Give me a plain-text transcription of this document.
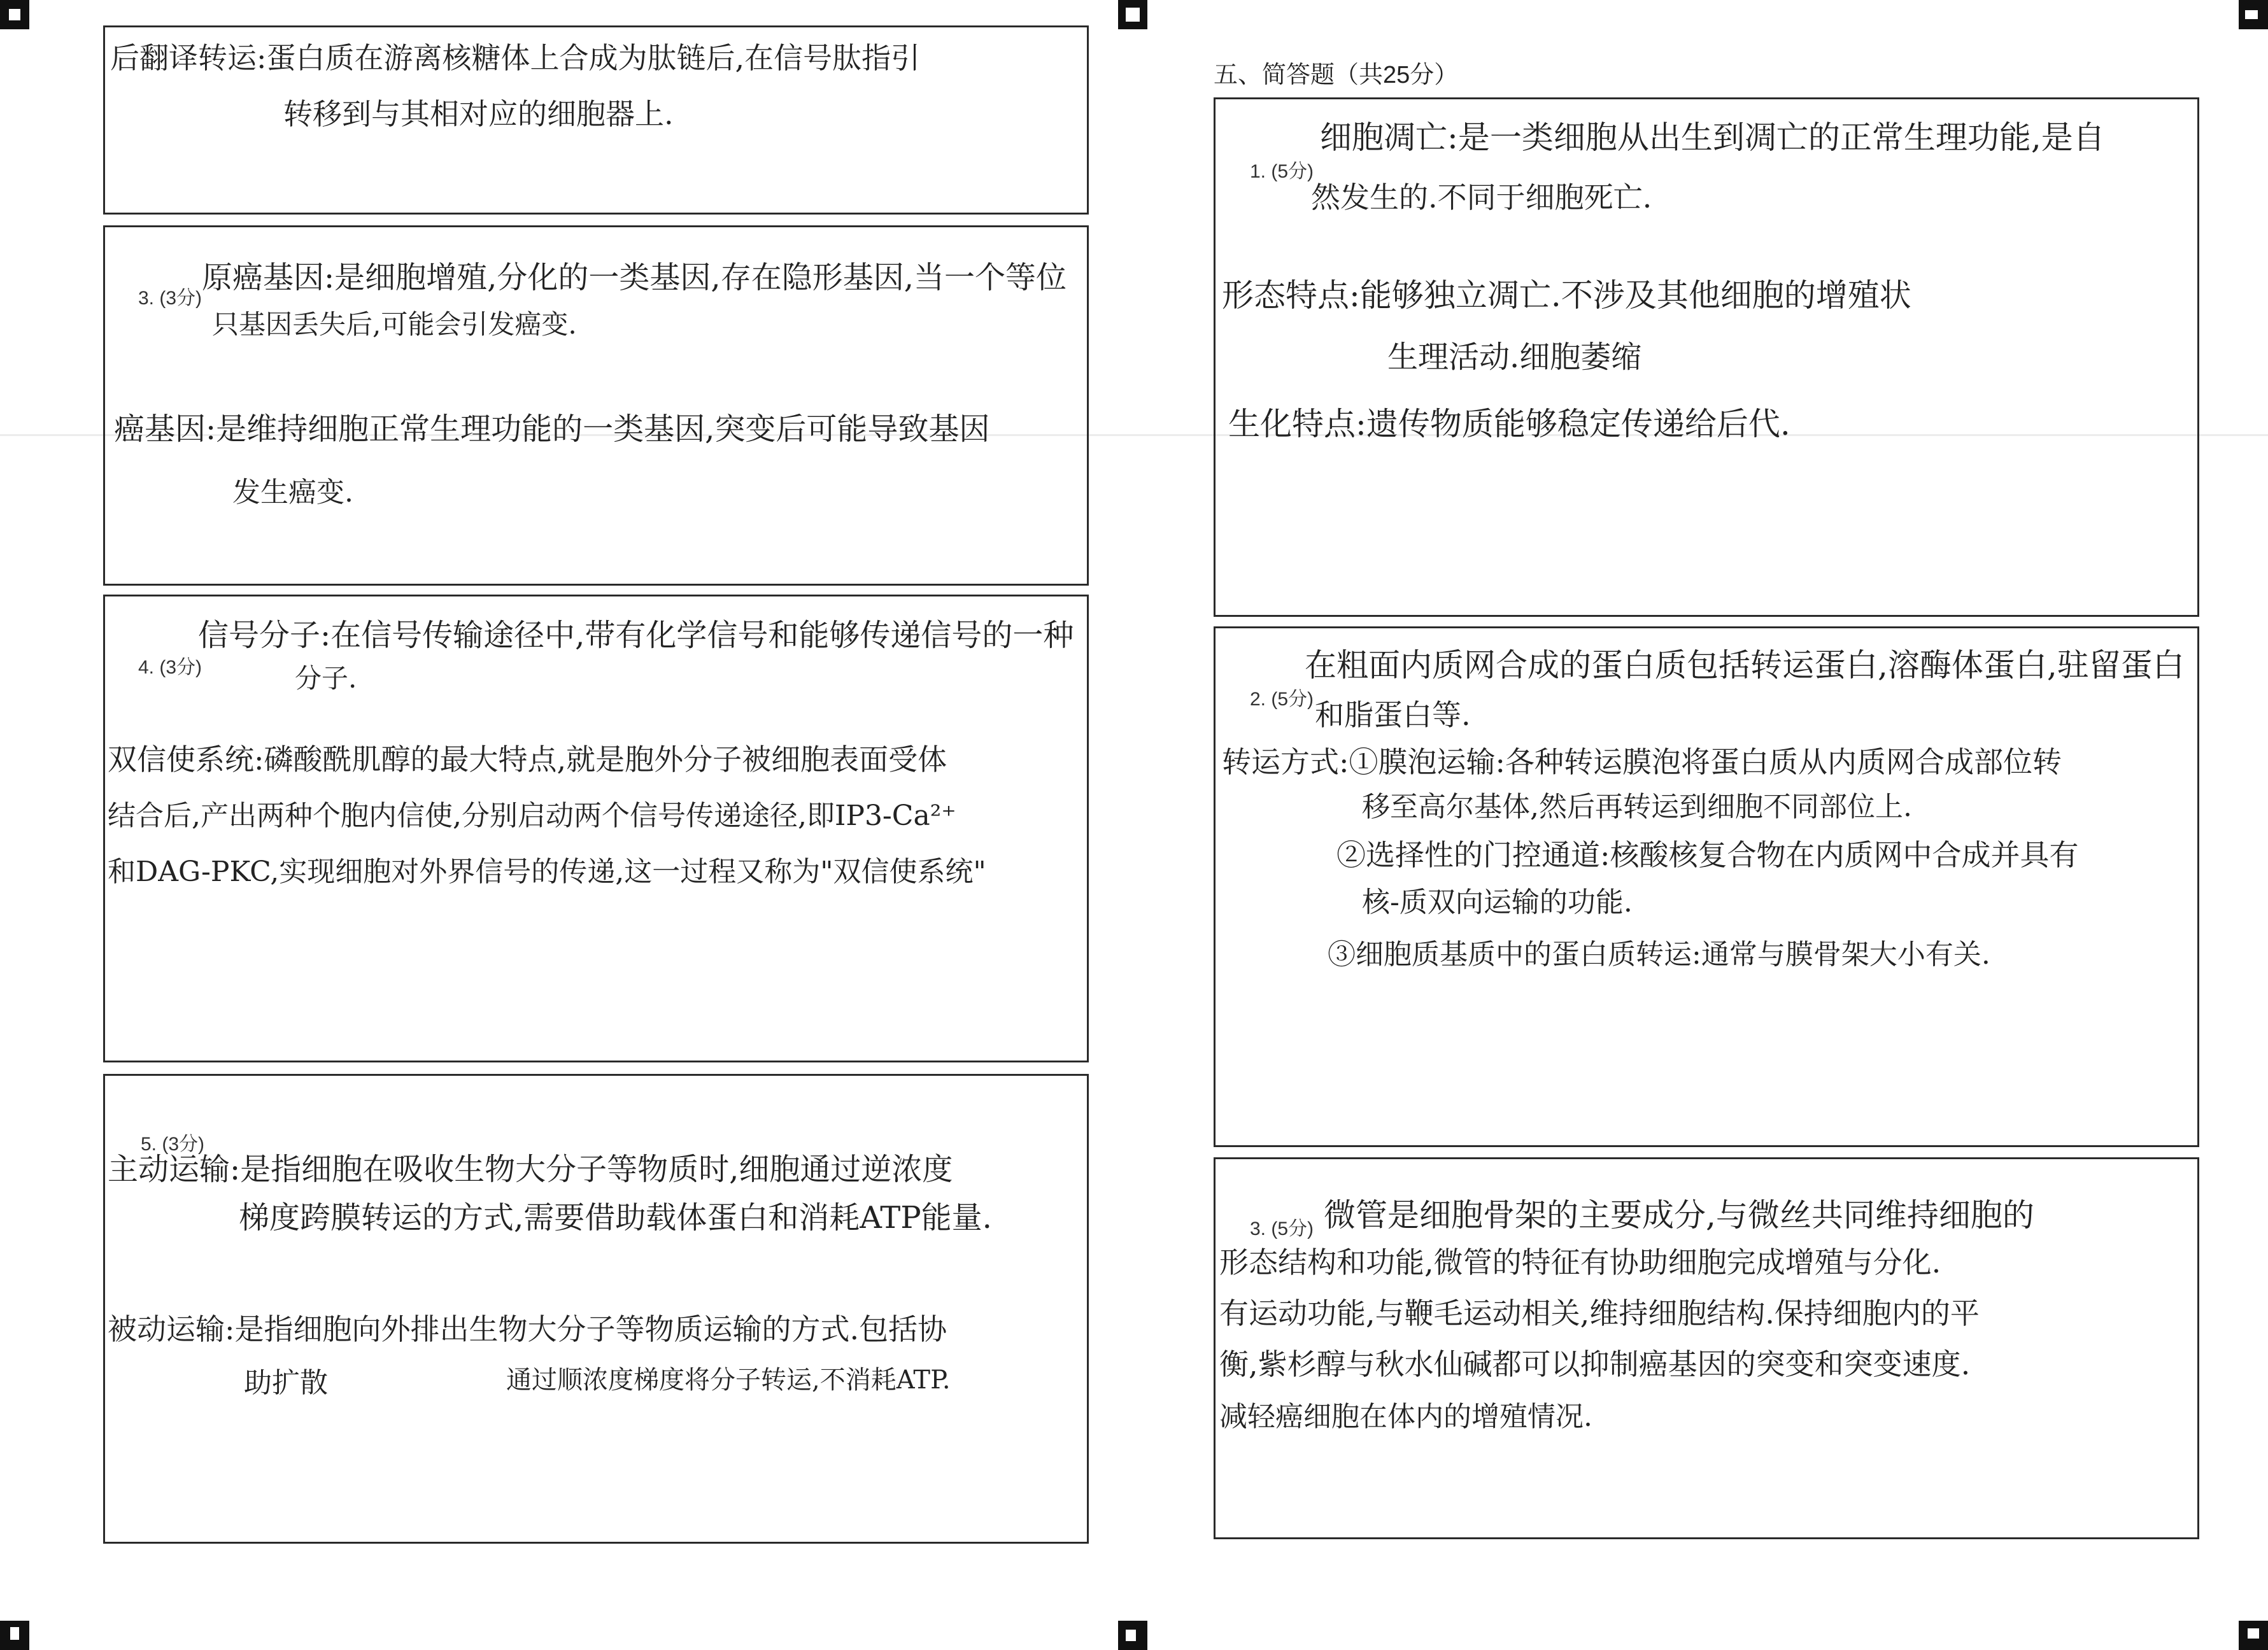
后翻译转运:蛋白质在游离核糖体上合成为肽链后,在信号肽指引
转移到与其相对应的细胞器上.
3. (3分)
原癌基因:是细胞增殖,分化的一类基因,存在隐形基因,当一个等位
只基因丢失后,可能会引发癌变.
癌基因:是维持细胞正常生理功能的一类基因,突变后可能导致基因
发生癌变.
4. (3分)
信号分子:在信号传输途径中,带有化学信号和能够传递信号的一种
分子.
双信使系统:磷酸酰肌醇的最大特点,就是胞外分子被细胞表面受体
结合后,产出两种个胞内信使,分别启动两个信号传递途径,即IP3-Ca²⁺
和DAG-PKC,实现细胞对外界信号的传递,这一过程又称为"双信使系统"
5. (3分)
主动运输:是指细胞在吸收生物大分子等物质时,细胞通过逆浓度
梯度跨膜转运的方式,需要借助载体蛋白和消耗ATP能量.
被动运输:是指细胞向外排出生物大分子等物质运输的方式.包括协
助扩散	通过顺浓度梯度将分子转运,不消耗ATP.
五、简答题（共25分）
1. (5分)
细胞凋亡:是一类细胞从出生到凋亡的正常生理功能,是自
然发生的.不同于细胞死亡.
形态特点:能够独立凋亡.不涉及其他细胞的增殖状
生理活动.细胞萎缩
生化特点:遗传物质能够稳定传递给后代.
2. (5分)
在粗面内质网合成的蛋白质包括转运蛋白,溶酶体蛋白,驻留蛋白
和脂蛋白等.
转运方式:①膜泡运输:各种转运膜泡将蛋白质从内质网合成部位转
移至高尔基体,然后再转运到细胞不同部位上.
②选择性的门控通道:核酸核复合物在内质网中合成并具有
核-质双向运输的功能.
③细胞质基质中的蛋白质转运:通常与膜骨架大小有关.
3. (5分) 微管是细胞骨架的主要成分,与微丝共同维持细胞的
形态结构和功能,微管的特征有协助细胞完成增殖与分化.
有运动功能,与鞭毛运动相关,维持细胞结构.保持细胞内的平
衡,紫杉醇与秋水仙碱都可以抑制癌基因的突变和突变速度.
减轻癌细胞在体内的增殖情况.
